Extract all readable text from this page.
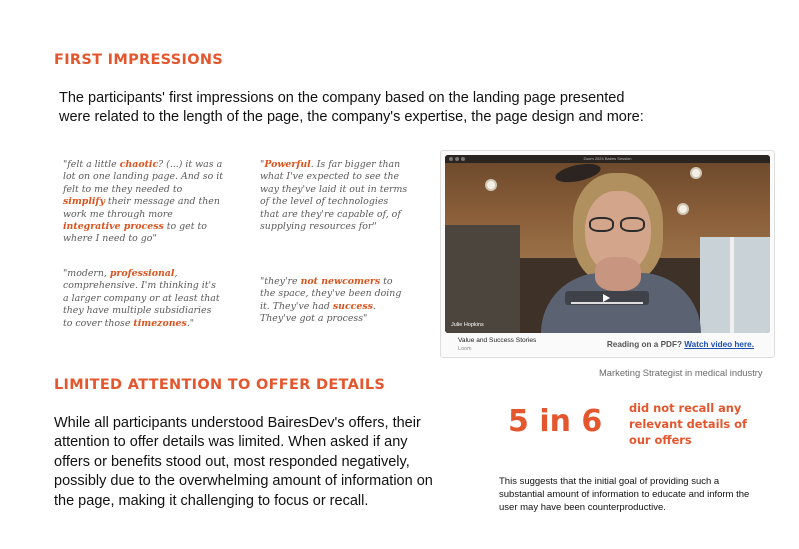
FIRST IMPRESSIONS

The participants' first impressions on the company based on the landing page presented were related to the length of the page, the company's expertise, the page design and more:

"felt a little chaotic? (...) it was a lot on one landing page. And so it felt to me they needed to simplify their message and then work me through more integrative process to get to where I need to go"
"Powerful. Is far bigger than what I've expected to see the way they've laid it out in terms of the level of technologies that are they're capable of, of supplying resources for"
"modern, professional, comprehensive. I'm thinking it's a larger company or at least that they have multiple subsidiaries to cover those timezones."
"they're not newcomers to the space, they've been doing it. They've had success. They've got a process"
Zoom 2024 Baires Session
Julie Hopkins
Value and Success Stories
Loom	Reading on a PDF? Watch video here.
Marketing Strategist in medical industry
LIMITED ATTENTION TO OFFER DETAILS

While all participants understood BairesDev's offers, their attention to offer details was limited. When asked if any offers or benefits stood out, most responded negatively, possibly due to the overwhelming amount of information on the page, making it challenging to focus or recall.

5 in 6 did not recall any relevant details of our offers

This suggests that the initial goal of providing such a substantial amount of information to educate and inform the user may have been counterproductive.
